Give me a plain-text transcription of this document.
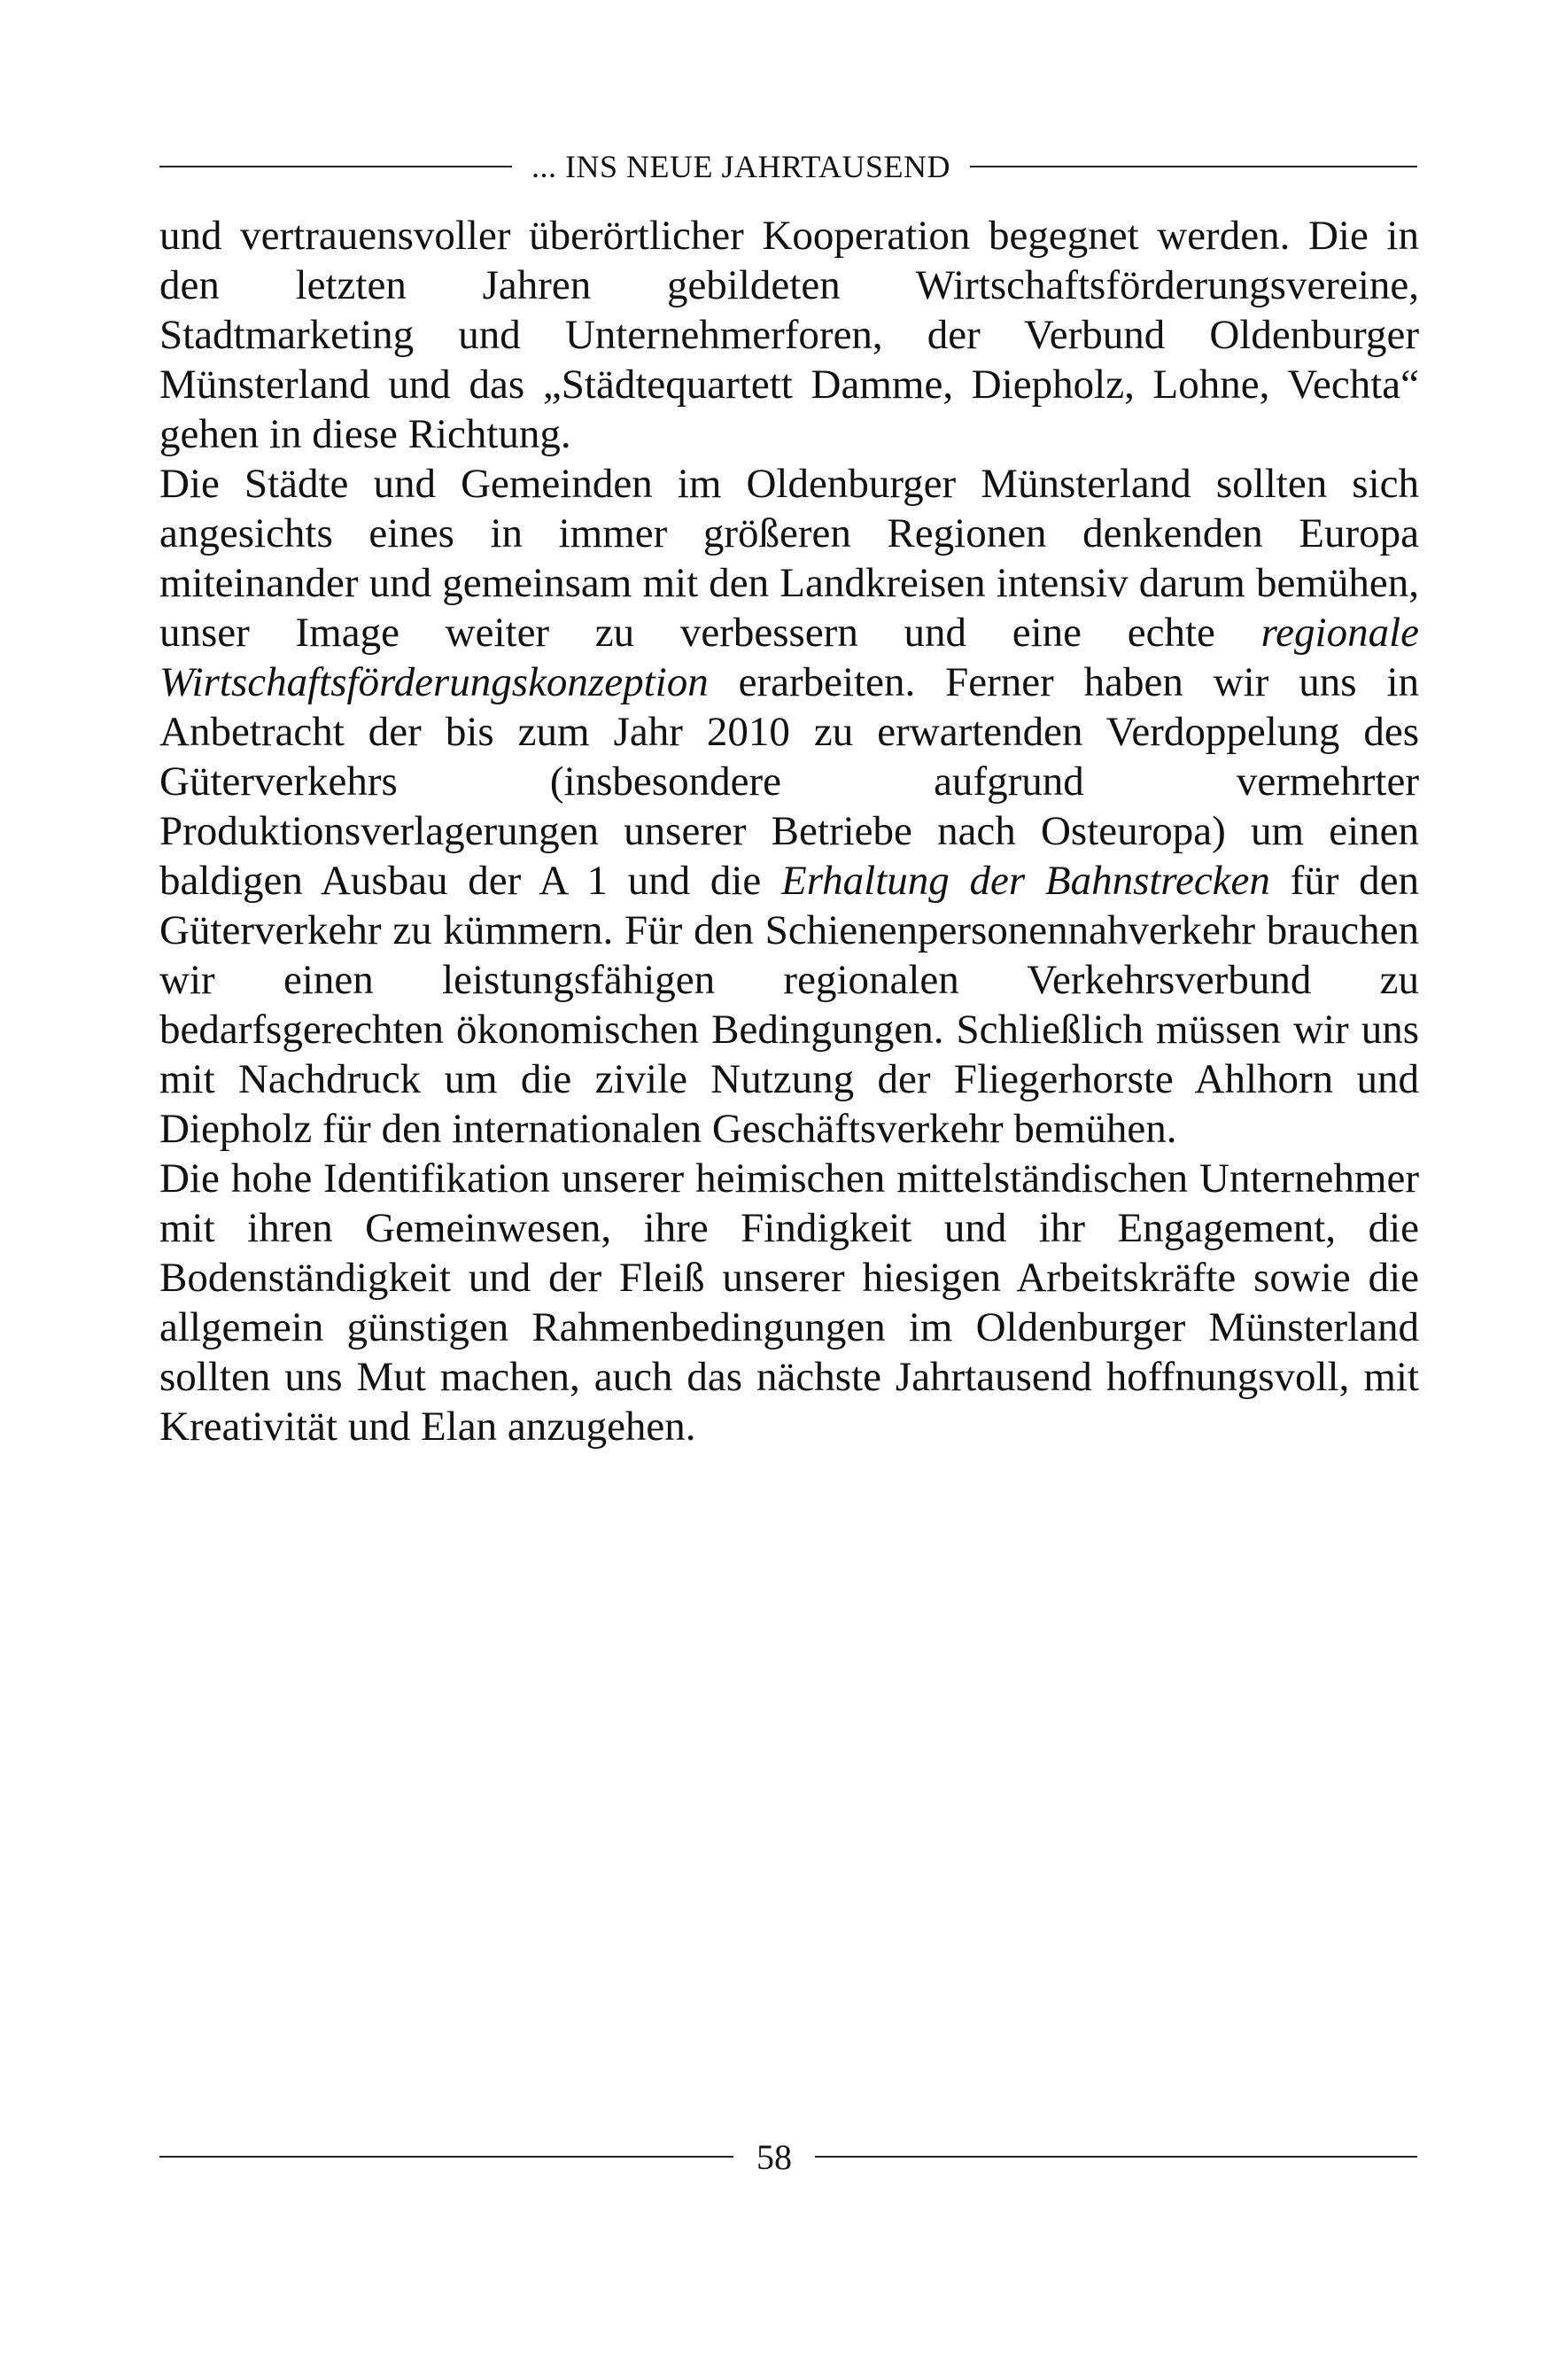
... INS NEUE JAHRTAUSEND

und vertrauensvoller überörtlicher Kooperation begegnet werden. Die in den letzten Jahren gebildeten Wirtschaftsförderungsvereine, Stadtmarketing und Unternehmerforen, der Verbund Oldenburger Münsterland und das „Städtequartett Damme, Diepholz, Lohne, Vechta“ gehen in diese Richtung.

Die Städte und Gemeinden im Oldenburger Münsterland sollten sich angesichts eines in immer größeren Regionen denkenden Europa miteinander und gemeinsam mit den Landkreisen intensiv darum bemühen, unser Image weiter zu verbessern und eine echte regionale Wirtschaftsförderungskonzeption erarbeiten. Ferner haben wir uns in Anbetracht der bis zum Jahr 2010 zu erwartenden Verdoppelung des Güterverkehrs (insbesondere aufgrund vermehrter Produktionsverlagerungen unserer Betriebe nach Osteuropa) um einen baldigen Ausbau der A 1 und die Erhaltung der Bahnstrecken für den Güterverkehr zu kümmern. Für den Schienenpersonennahverkehr brauchen wir einen leistungsfähigen regionalen Verkehrsverbund zu bedarfsgerechten ökonomischen Bedingungen. Schließlich müssen wir uns mit Nachdruck um die zivile Nutzung der Fliegerhorste Ahlhorn und Diepholz für den internationalen Geschäftsverkehr bemühen.

Die hohe Identifikation unserer heimischen mittelständischen Unternehmer mit ihren Gemeinwesen, ihre Findigkeit und ihr Engagement, die Bodenständigkeit und der Fleiß unserer hiesigen Arbeitskräfte sowie die allgemein günstigen Rahmenbedingungen im Oldenburger Münsterland sollten uns Mut machen, auch das nächste Jahrtausend hoffnungsvoll, mit Kreativität und Elan anzugehen.

58
